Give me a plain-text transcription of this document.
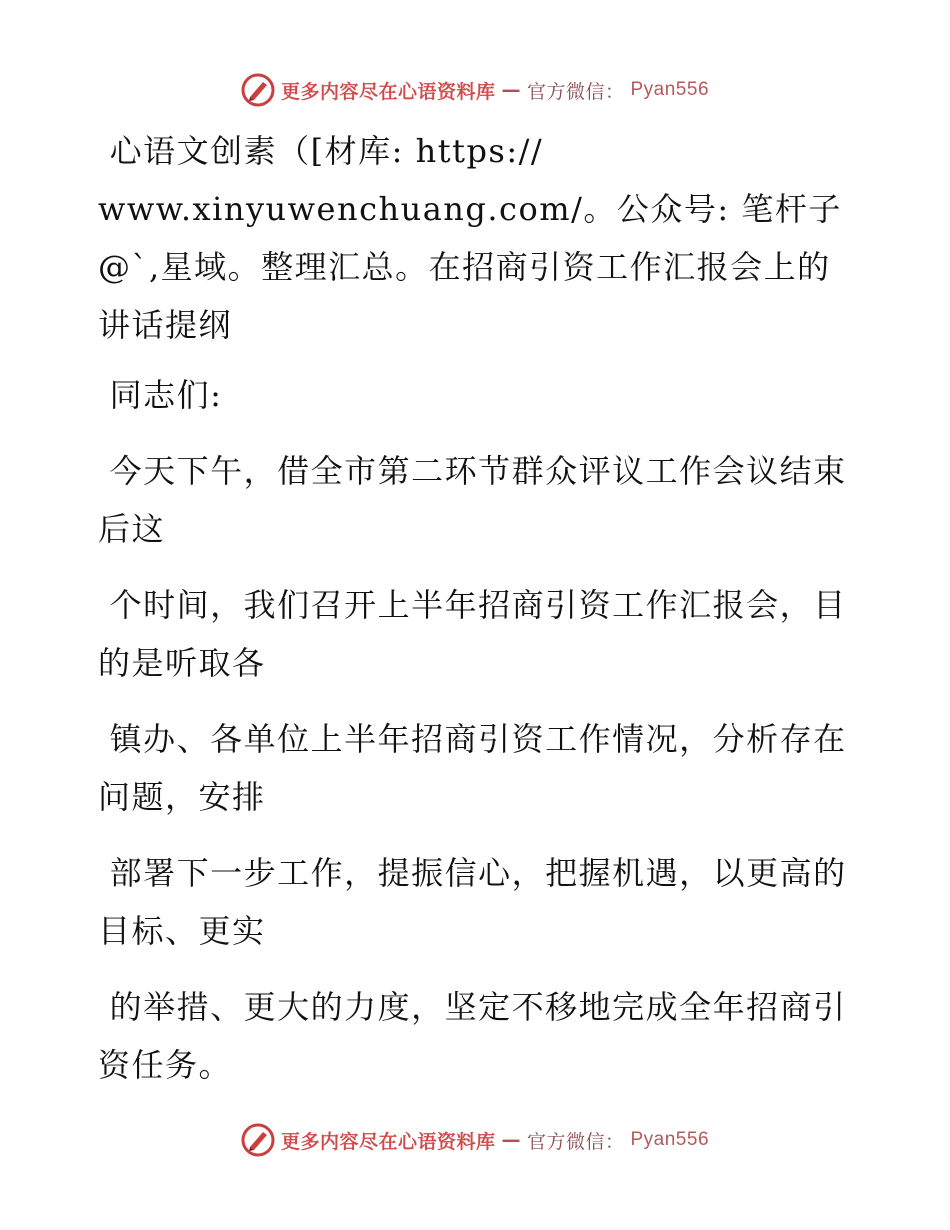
更多内容尽在心语资料库 — 官方微信： Pyan556

心语文创素（[材库: https://
www.xinyuwenchuang.com/。公众号: 笔杆子@`,星域。整理汇总。在招商引资工作汇报会上的讲话提纲

同志们:

今天下午，借全市第二环节群众评议工作会议结束后这

个时间，我们召开上半年招商引资工作汇报会，目的是听取各

镇办、各单位上半年招商引资工作情况，分析存在问题，安排

部署下一步工作，提振信心，把握机遇，以更高的目标、更实

的举措、更大的力度，坚定不移地完成全年招商引资任务。

更多内容尽在心语资料库 — 官方微信： Pyan556
